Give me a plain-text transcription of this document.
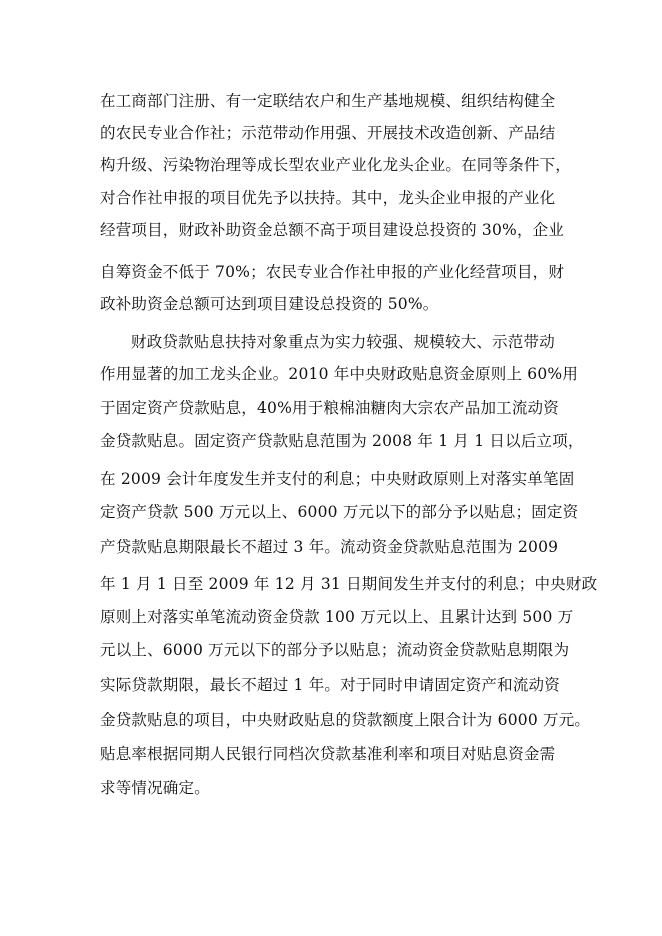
在工商部门注册、有一定联结农户和生产基地规模、组织结构健全
的农民专业合作社；示范带动作用强、开展技术改造创新、产品结
构升级、污染物治理等成长型农业产业化龙头企业。在同等条件下，
对合作社申报的项目优先予以扶持。其中，龙头企业申报的产业化
经营项目，财政补助资金总额不高于项目建设总投资的 30%，企业
自筹资金不低于 70%；农民专业合作社申报的产业化经营项目，财
政补助资金总额可达到项目建设总投资的 50%。
财政贷款贴息扶持对象重点为实力较强、规模较大、示范带动
作用显著的加工龙头企业。2010 年中央财政贴息资金原则上 60%用
于固定资产贷款贴息，40%用于粮棉油糖肉大宗农产品加工流动资
金贷款贴息。固定资产贷款贴息范围为 2008 年 1 月 1 日以后立项，
在 2009 会计年度发生并支付的利息；中央财政原则上对落实单笔固
定资产贷款 500 万元以上、6000 万元以下的部分予以贴息；固定资
产贷款贴息期限最长不超过 3 年。流动资金贷款贴息范围为 2009
年 1 月 1 日至 2009 年 12 月 31 日期间发生并支付的利息；中央财政
原则上对落实单笔流动资金贷款 100 万元以上、且累计达到 500 万
元以上、6000 万元以下的部分予以贴息；流动资金贷款贴息期限为
实际贷款期限，最长不超过 1 年。对于同时申请固定资产和流动资
金贷款贴息的项目，中央财政贴息的贷款额度上限合计为 6000 万元。
贴息率根据同期人民银行同档次贷款基准利率和项目对贴息资金需
求等情况确定。
